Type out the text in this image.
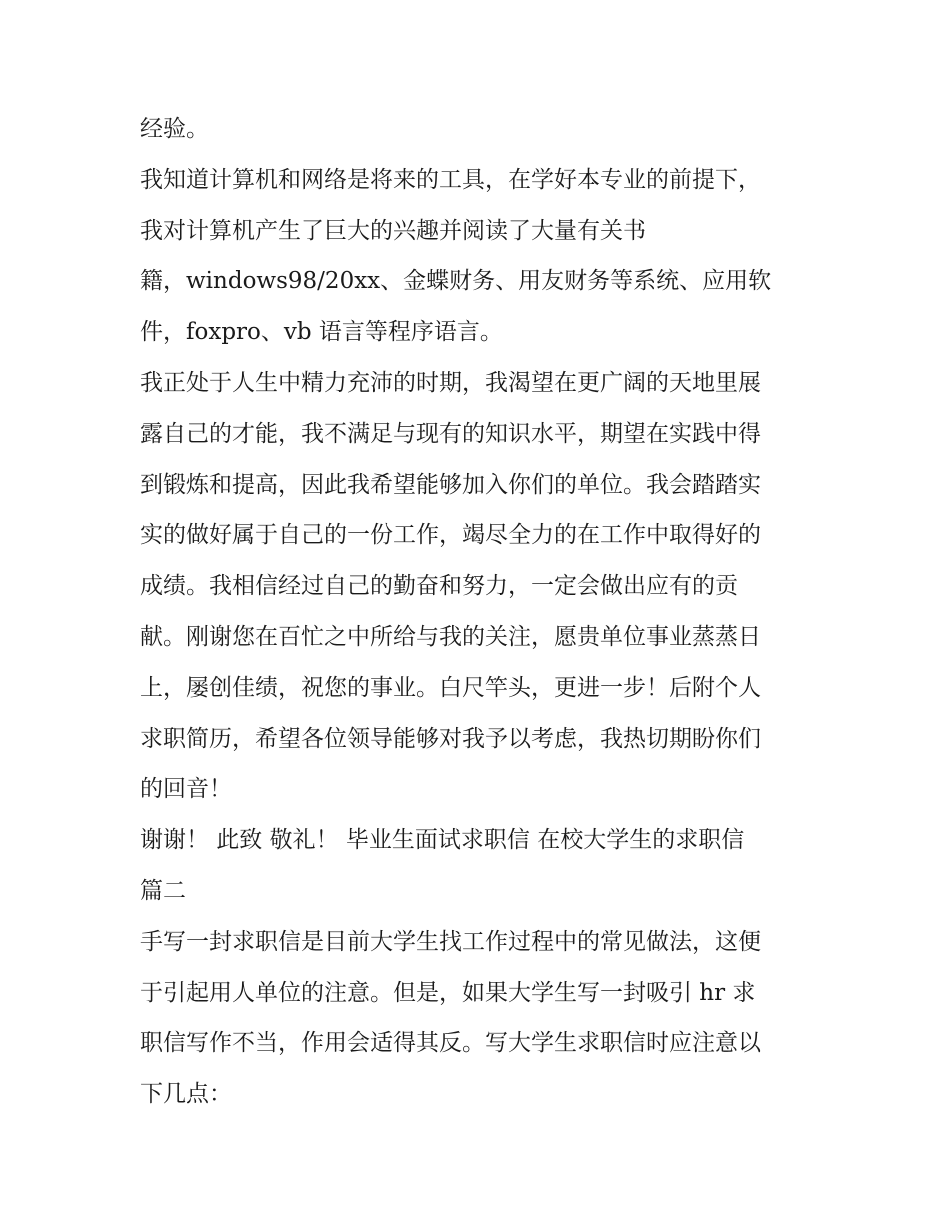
经验。
我知道计算机和网络是将来的工具，在学好本专业的前提下，
我对计算机产生了巨大的兴趣并阅读了大量有关书
籍，windows98/20xx、金蝶财务、用友财务等系统、应用软
件，foxpro、vb 语言等程序语言。
我正处于人生中精力充沛的时期，我渴望在更广阔的天地里展
露自己的才能，我不满足与现有的知识水平，期望在实践中得
到锻炼和提高，因此我希望能够加入你们的单位。我会踏踏实
实的做好属于自己的一份工作，竭尽全力的在工作中取得好的
成绩。我相信经过自己的勤奋和努力，一定会做出应有的贡
献。刚谢您在百忙之中所给与我的关注，愿贵单位事业蒸蒸日
上，屡创佳绩，祝您的事业。白尺竿头，更进一步！后附个人
求职简历，希望各位领导能够对我予以考虑，我热切期盼你们
的回音！
谢谢！ 此致 敬礼！ 毕业生面试求职信 在校大学生的求职信
篇二
手写一封求职信是目前大学生找工作过程中的常见做法，这便
于引起用人单位的注意。但是，如果大学生写一封吸引 hr 求
职信写作不当，作用会适得其反。写大学生求职信时应注意以
下几点：
